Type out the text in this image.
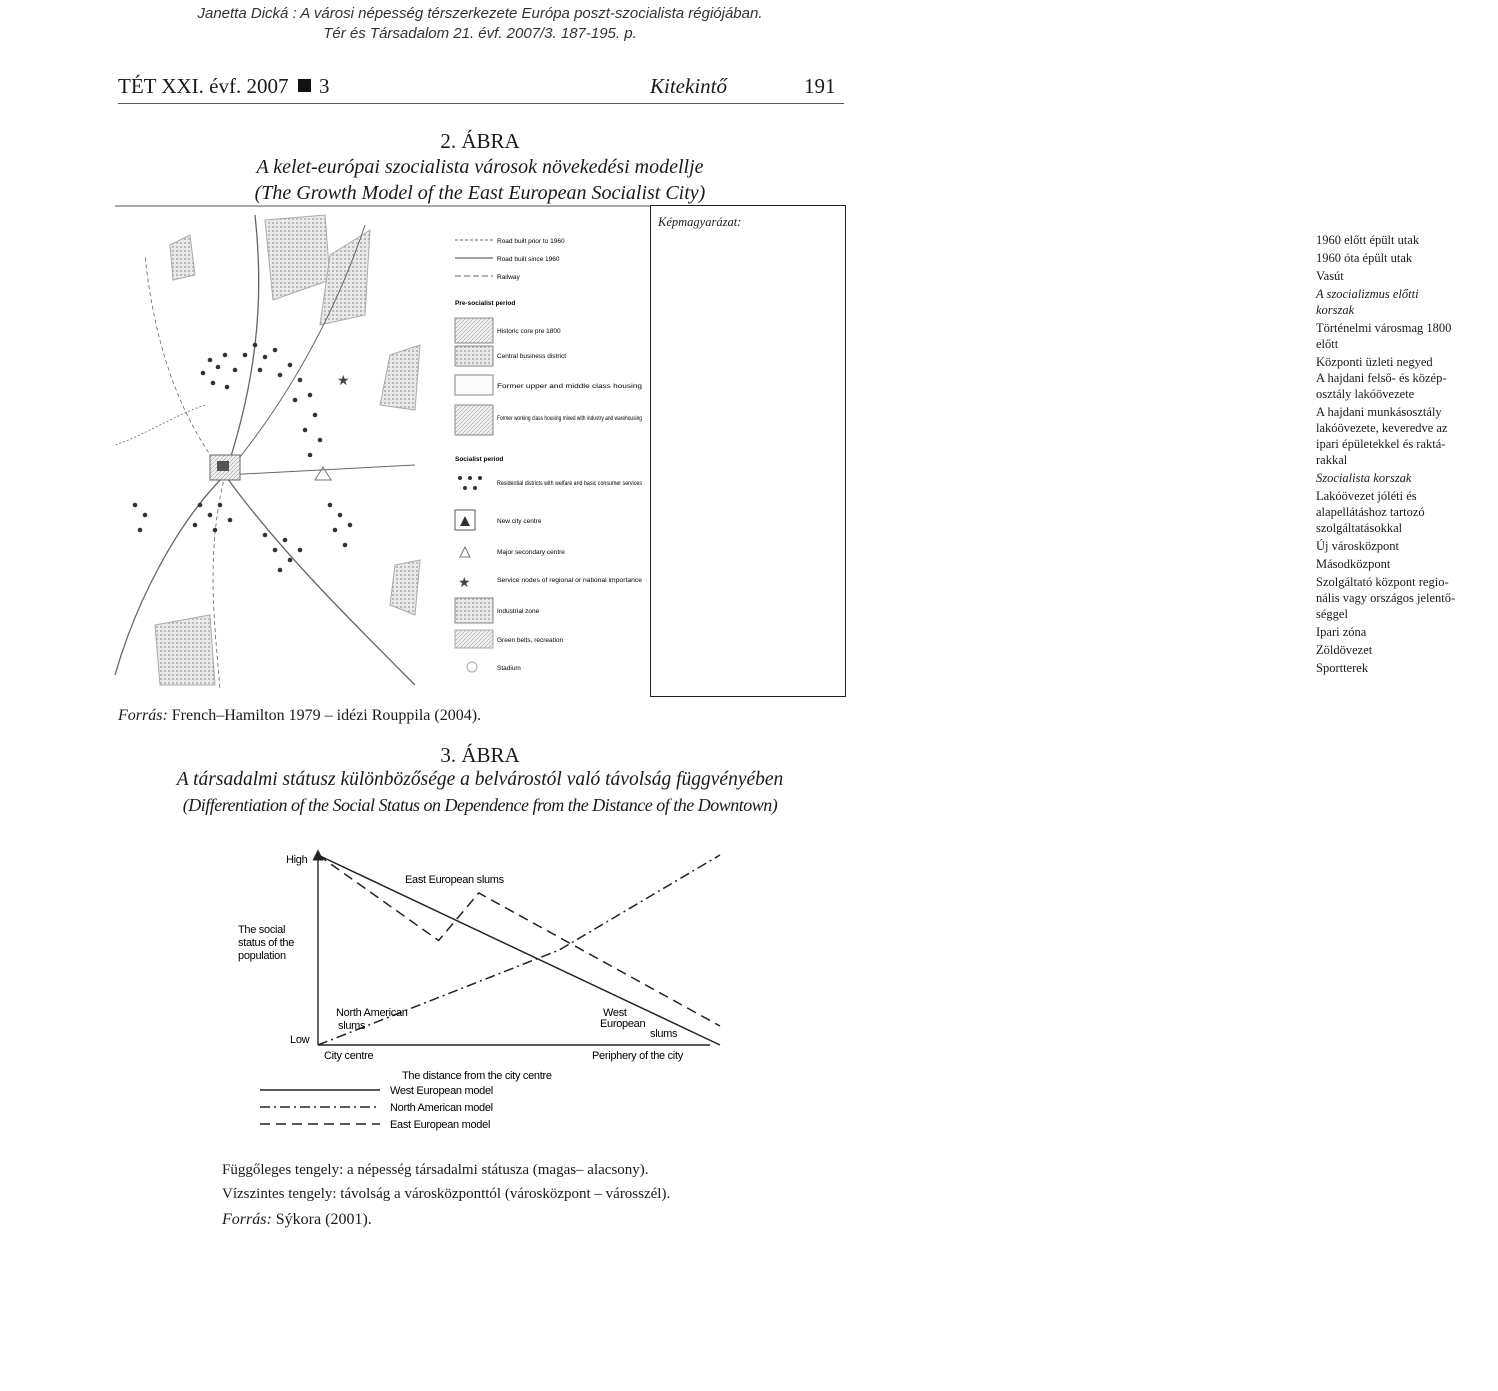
Janetta Dická : A városi népesség térszerkezete Európa poszt-szocialista régiójában.
Tér és Társadalom 21. évf. 2007/3. 187-195. p.
TÉT XXI. évf. 2007 3	Kitekintő	191
2. ÁBRA
A kelet-európai szocialista városok növekedési modellje
(The Growth Model of the East European Socialist City)
★
★
Road built prior to 1960
Road built since 1960
Railway
Pre-socialist period
Historic core pre 1800
Central business district
Former upper and middle class housing
Former working class housing mixed with industry and warehousing
Socialist period
Residential districts with welfare and basic consumer services
New city centre
Major secondary centre
Service nodes of regional or national importance
Industrial zone
Green belts, recreation
Stadium
Képmagyarázat:
1960 előtt épült utak
1960 óta épült utak
Vasút
A szocializmus előtti
korszak
Történelmi városmag 1800
előtt
Központi üzleti negyed
A hajdani felső- és közép-
osztály lakóövezete
A hajdani munkásosztály
lakóövezete, keveredve az
ipari épületekkel és raktá-
rakkal
Szocialista korszak
Lakóövezet jóléti és
alapellátáshoz tartozó
szolgáltatásokkal
Új városközpont
Másodközpont
Szolgáltató központ regio-
nális vagy országos jelentő-
séggel
Ipari zóna
Zöldövezet
Sportterek
Forrás: French–Hamilton 1979 – idézi Rouppila (2004).
3. ÁBRA
A társadalmi státusz különbözősége a belvárostól való távolság függvényében
(Differentiation of the Social Status on Dependence from the Distance of the Downtown)
High
Low
The social
status of the
population
City centre	Periphery of the city
The distance from the city centre
East European slums
North American
slums
West
European
slums
West European model
North American model
East European model
Függőleges tengely: a népesség társadalmi státusza (magas– alacsony).
Vízszintes tengely: távolság a városközponttól (városközpont – városszél).
Forrás: Sýkora (2001).
